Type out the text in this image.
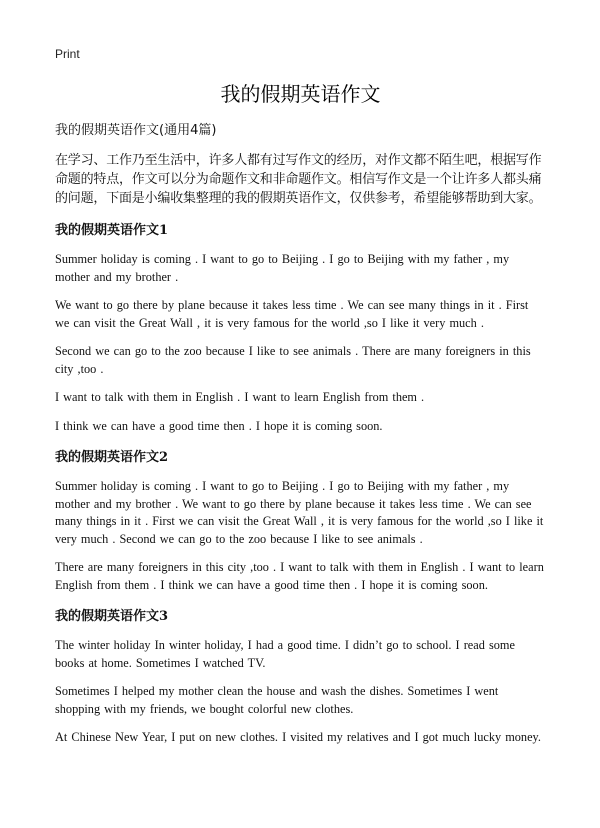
Print
我的假期英语作文
我的假期英语作文(通用4篇)
在学习、工作乃至生活中，许多人都有过写作文的经历，对作文都不陌生吧，根据写作命题的特点，作文可以分为命题作文和非命题作文。相信写作文是一个让许多人都头痛的问题，下面是小编收集整理的我的假期英语作文，仅供参考，希望能够帮助到大家。
我的假期英语作文1

Summer holiday is coming . I want to go to Beijing . I go to Beijing with my father , my mother and my brother .

We want to go there by plane because it takes less time . We can see many things in it . First we can visit the Great Wall , it is very famous for the world ,so I like it very much .

Second we can go to the zoo because I like to see animals . There are many foreigners in this city ,too .

I want to talk with them in English . I want to learn English from them .

I think we can have a good time then . I hope it is coming soon.

我的假期英语作文2

Summer holiday is coming . I want to go to Beijing . I go to Beijing with my father , my mother and my brother . We want to go there by plane because it takes less time . We can see many things in it . First we can visit the Great Wall , it is very famous for the world ,so I like it very much . Second we can go to the zoo because I like to see animals .

There are many foreigners in this city ,too . I want to talk with them in English . I want to learn English from them . I think we can have a good time then . I hope it is coming soon.

我的假期英语作文3

The winter holiday In winter holiday, I had a good time. I didn’t go to school. I read some books at home. Sometimes I watched TV.

Sometimes I helped my mother clean the house and wash the dishes. Sometimes I went shopping with my friends, we bought colorful new clothes.

At Chinese New Year, I put on new clothes. I visited my relatives and I got much lucky money.
